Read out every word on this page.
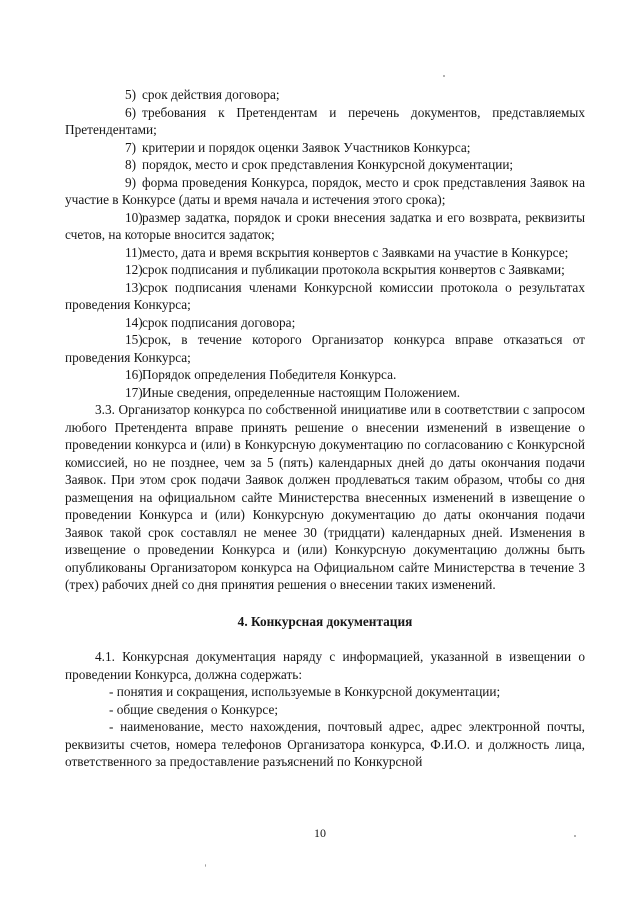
5) срок действия договора;

6) требования к Претендентам и перечень документов, представляемых Претендентами;

7) критерии и порядок оценки Заявок Участников Конкурса;

8) порядок, место и срок представления Конкурсной документации;

9) форма проведения Конкурса, порядок, место и срок представления Заявок на участие в Конкурсе (даты и время начала и истечения этого срока);

10)размер задатка, порядок и сроки внесения задатка и его возврата, реквизиты счетов, на которые вносится задаток;

11)место, дата и время вскрытия конвертов с Заявками на участие в Конкурсе;

12)срок подписания и публикации протокола вскрытия конвертов с Заявками;

13)срок подписания членами Конкурсной комиссии протокола о результатах проведения Конкурса;

14)срок подписания договора;

15)срок, в течение которого Организатор конкурса вправе отказаться от проведения Конкурса;

16)Порядок определения Победителя Конкурса.

17)Иные сведения, определенные настоящим Положением.

3.3. Организатор конкурса по собственной инициативе или в соответствии с запросом любого Претендента вправе принять решение о внесении изменений в извещение о проведении конкурса и (или) в Конкурсную документацию по согласованию с Конкурсной комиссией, но не позднее, чем за 5 (пять) календарных дней до даты окончания подачи Заявок. При этом срок подачи Заявок должен продлеваться таким образом, чтобы со дня размещения на официальном сайте Министерства внесенных изменений в извещение о проведении Конкурса и (или) Конкурсную документацию до даты окончания подачи Заявок такой срок составлял не менее 30 (тридцати) календарных дней. Изменения в извещение о проведении Конкурса и (или) Конкурсную документацию должны быть опубликованы Организатором конкурса на Официальном сайте Министерства в течение 3 (трех) рабочих дней со дня принятия решения о внесении таких изменений.

4. Конкурсная документация

4.1. Конкурсная документация наряду с информацией, указанной в извещении о проведении Конкурса, должна содержать:

- понятия и сокращения, используемые в Конкурсной документации;

- общие сведения о Конкурсе;

- наименование, место нахождения, почтовый адрес, адрес электронной почты, реквизиты счетов, номера телефонов Организатора конкурса, Ф.И.О. и должность лица, ответственного за предоставление разъяснений по Конкурсной

10
